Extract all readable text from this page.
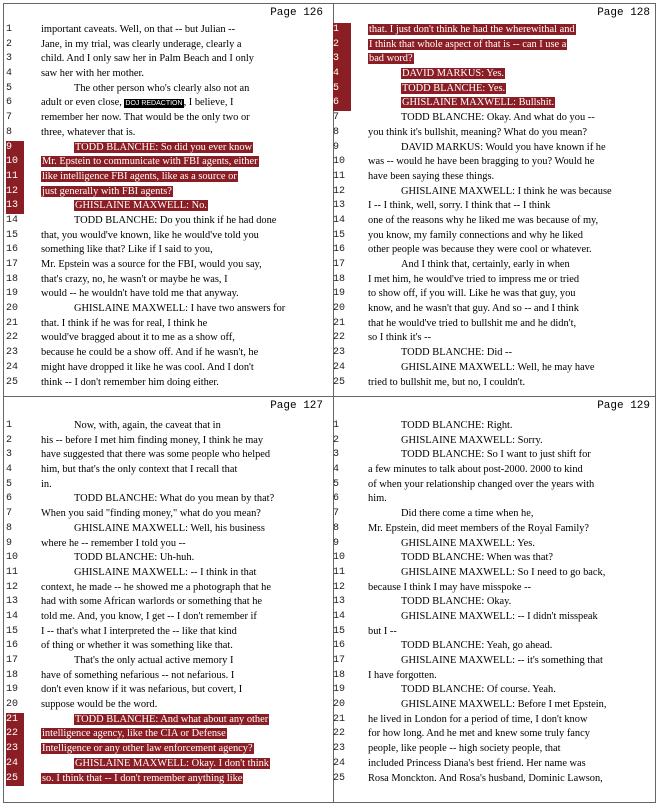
Page 126
1	important caveats. Well, on that -- but Julian --
2	Jane, in my trial, was clearly underage, clearly a
3	child. And I only saw her in Palm Beach and I only
4	saw her with her mother.
5	The other person who's clearly also not an
6	adult or even close, DOJ REDACTION, I believe, I
7	remember her now. That would be the only two or
8	three, whatever that is.
9	TODD BLANCHE: So did you ever know
10	Mr. Epstein to communicate with FBI agents, either
11	like intelligence FBI agents, like as a source or
12	just generally with FBI agents?
13	GHISLAINE MAXWELL: No.
14	TODD BLANCHE: Do you think if he had done
15	that, you would've known, like he would've told you
16	something like that? Like if I said to you,
17	Mr. Epstein was a source for the FBI, would you say,
18	that's crazy, no, he wasn't or maybe he was, I
19	would -- he wouldn't have told me that anyway.
20	GHISLAINE MAXWELL: I have two answers for
21	that. I think if he was for real, I think he
22	would've bragged about it to me as a show off,
23	because he could be a show off. And if he wasn't, he
24	might have dropped it like he was cool. And I don't
25	think -- I don't remember him doing either.
Page 128
1	that. I just don't think he had the wherewithal and
2	I think that whole aspect of that is -- can I use a
3	bad word?
4	DAVID MARKUS: Yes.
5	TODD BLANCHE: Yes.
6	GHISLAINE MAXWELL: Bullshit.
7	TODD BLANCHE: Okay. And what do you --
8	you think it's bullshit, meaning? What do you mean?
9	DAVID MARKUS: Would you have known if he
10	was -- would he have been bragging to you? Would he
11	have been saying these things.
12	GHISLAINE MAXWELL: I think he was because
13	I -- I think, well, sorry. I think that -- I think
14	one of the reasons why he liked me was because of my,
15	you know, my family connections and why he liked
16	other people was because they were cool or whatever.
17	And I think that, certainly, early in when
18	I met him, he would've tried to impress me or tried
19	to show off, if you will. Like he was that guy, you
20	know, and he wasn't that guy. And so -- and I think
21	that he would've tried to bullshit me and he didn't,
22	so I think it's --
23	TODD BLANCHE: Did --
24	GHISLAINE MAXWELL: Well, he may have
25	tried to bullshit me, but no, I couldn't.
Page 127
1	Now, with, again, the caveat that in
2	his -- before I met him finding money, I think he may
3	have suggested that there was some people who helped
4	him, but that's the only context that I recall that
5	in.
6	TODD BLANCHE: What do you mean by that?
7	When you said "finding money," what do you mean?
8	GHISLAINE MAXWELL: Well, his business
9	where he -- remember I told you --
10	TODD BLANCHE: Uh-huh.
11	GHISLAINE MAXWELL: -- I think in that
12	context, he made -- he showed me a photograph that he
13	had with some African warlords or something that he
14	told me. And, you know, I get -- I don't remember if
15	I -- that's what I interpreted the -- like that kind
16	of thing or whether it was something like that.
17	That's the only actual active memory I
18	have of something nefarious -- not nefarious. I
19	don't even know if it was nefarious, but covert, I
20	suppose would be the word.
21	TODD BLANCHE: And what about any other
22	intelligence agency, like the CIA or Defense
23	Intelligence or any other law enforcement agency?
24	GHISLAINE MAXWELL: Okay. I don't think
25	so. I think that -- I don't remember anything like
Page 129
1	TODD BLANCHE: Right.
2	GHISLAINE MAXWELL: Sorry.
3	TODD BLANCHE: So I want to just shift for
4	a few minutes to talk about post-2000. 2000 to kind
5	of when your relationship changed over the years with
6	him.
7	Did there come a time when he,
8	Mr. Epstein, did meet members of the Royal Family?
9	GHISLAINE MAXWELL: Yes.
10	TODD BLANCHE: When was that?
11	GHISLAINE MAXWELL: So I need to go back,
12	because I think I may have misspoke --
13	TODD BLANCHE: Okay.
14	GHISLAINE MAXWELL: -- I didn't misspeak
15	but I --
16	TODD BLANCHE: Yeah, go ahead.
17	GHISLAINE MAXWELL: -- it's something that
18	I have forgotten.
19	TODD BLANCHE: Of course. Yeah.
20	GHISLAINE MAXWELL: Before I met Epstein,
21	he lived in London for a period of time, I don't know
22	for how long. And he met and knew some truly fancy
23	people, like people -- high society people, that
24	included Princess Diana's best friend. Her name was
25	Rosa Monckton. And Rosa's husband, Dominic Lawson,
